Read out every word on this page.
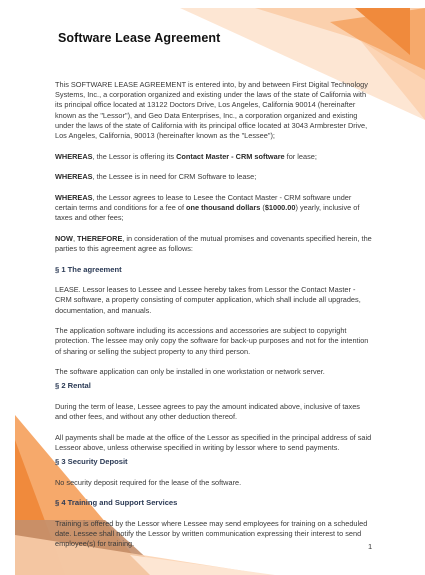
Software Lease Agreement

This SOFTWARE LEASE AGREEMENT is entered into, by and between First Digital Technology Systems, Inc., a corporation organized and existing under the laws of the state of California with its principal office located at 13122 Doctors Drive, Los Angeles, California 90014 (hereinafter known as the "Lessor"), and Geo Data Enterprises, Inc., a corporation organized and existing under the laws of the state of California with its principal office located at 3043 Armbrester Drive, Los Angeles, California, 90013 (hereinafter known as the "Lessee");

WHEREAS, the Lessor is offering its Contact Master - CRM software for lease;

WHEREAS, the Lessee is in need for CRM Software to lease;

WHEREAS, the Lessor agrees to lease to Lesee the Contact Master - CRM software under certain terms and conditions for a fee of one thousand dollars ($1000.00) yearly, inclusive of taxes and other fees;

NOW, THEREFORE, in consideration of the mutual promises and covenants specified herein, the parties to this agreement agree as follows:

§ 1 The agreement

LEASE. Lessor leases to Lessee and Lessee hereby takes from Lessor the Contact Master - CRM software, a property consisting of computer application, which shall include all upgrades, documentation, and manuals.

The application software including its accessions and accessories are subject to copyright protection. The lessee may only copy the software for back-up purposes and not for the intention of sharing or selling the subject property to any third person.

The software application can only be installed in one workstation or network server.

§ 2 Rental

During the term of lease, Lessee agrees to pay the amount indicated above, inclusive of taxes and other fees, and without any other deduction thereof.

All payments shall be made at the office of the Lessor as specified in the principal address of said Lesseor above, unless otherwise specified in writing by lessor where to send payments.

§ 3 Security Deposit

No security deposit required for the lease of the software.

§ 4 Training and Support Services

Training is offered by the Lessor where Lessee may send employees for training on a scheduled date. Lessee shall notify the Lessor by written communication expressing their interest to send employee(s) for training.	1
